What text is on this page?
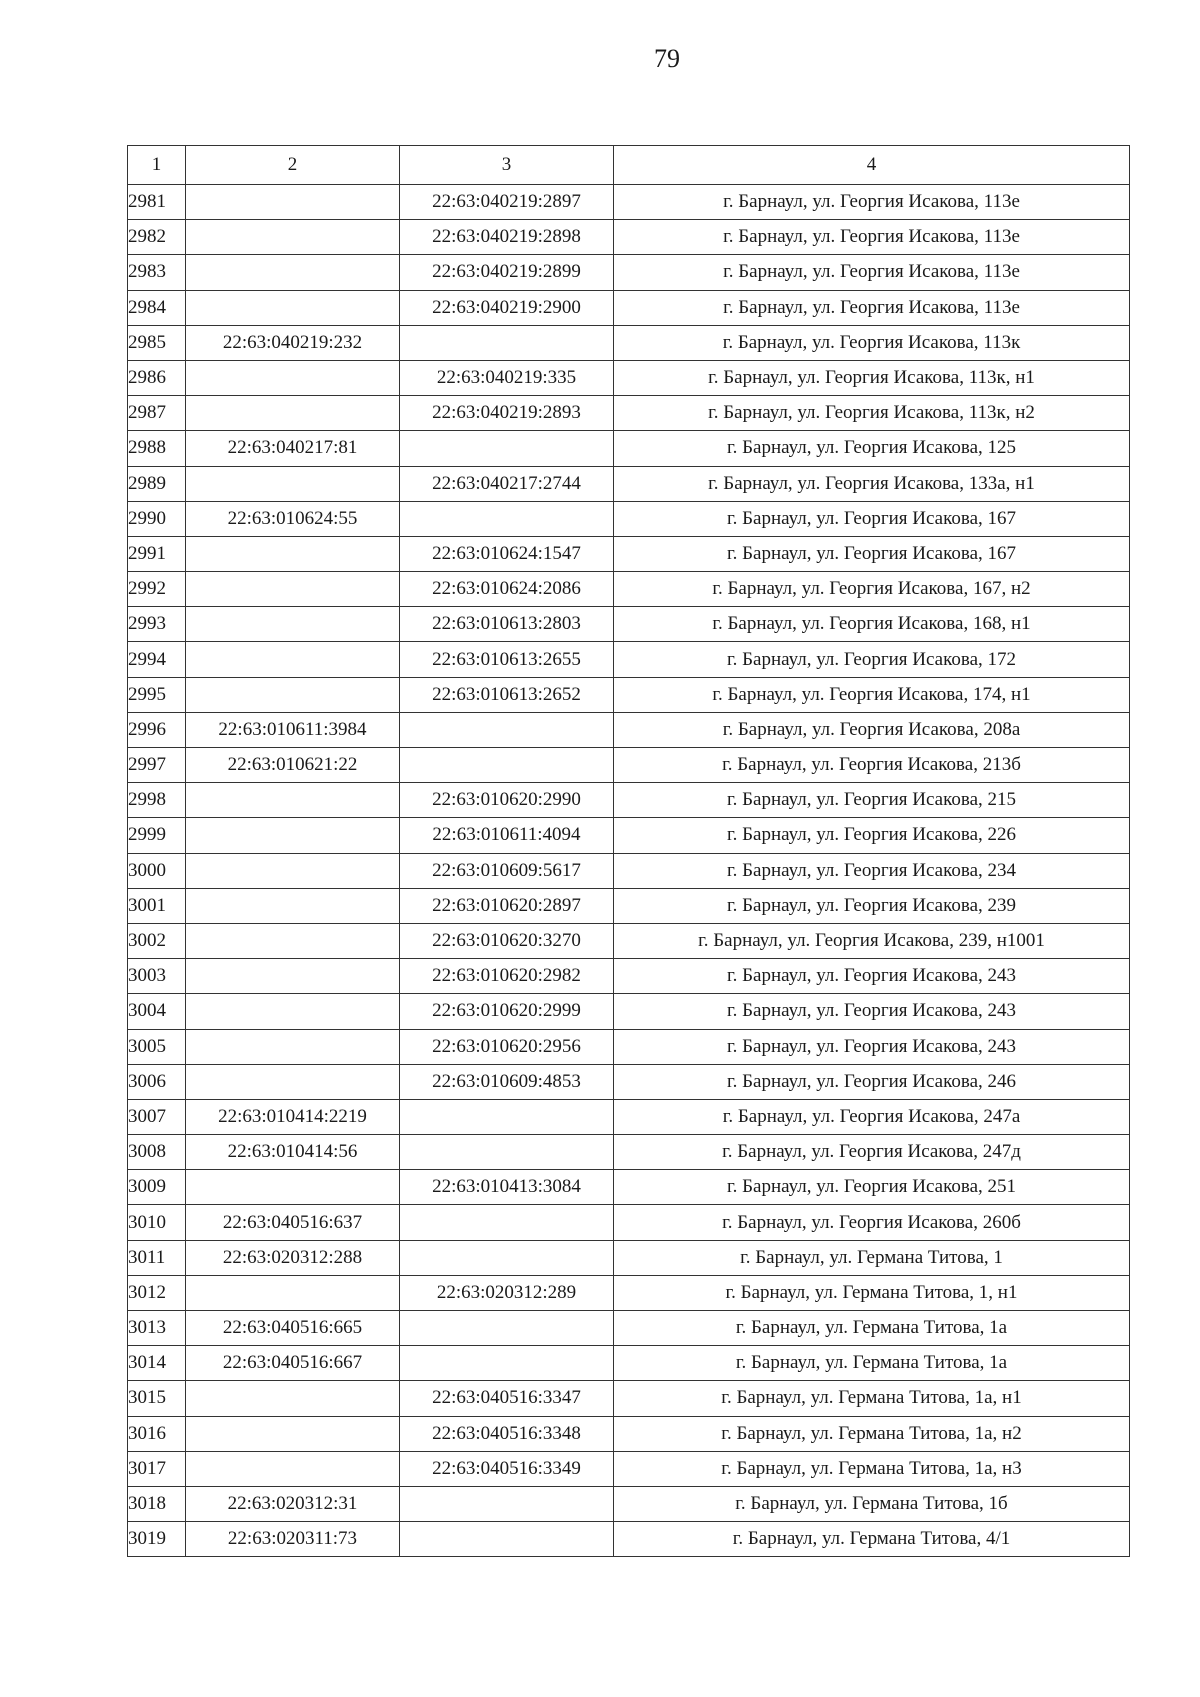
79
1	2	3	4
2981		22:63:040219:2897	г. Барнаул, ул. Георгия Исакова, 113е
2982		22:63:040219:2898	г. Барнаул, ул. Георгия Исакова, 113е
2983		22:63:040219:2899	г. Барнаул, ул. Георгия Исакова, 113е
2984		22:63:040219:2900	г. Барнаул, ул. Георгия Исакова, 113е
2985	22:63:040219:232		г. Барнаул, ул. Георгия Исакова, 113к
2986		22:63:040219:335	г. Барнаул, ул. Георгия Исакова, 113к, н1
2987		22:63:040219:2893	г. Барнаул, ул. Георгия Исакова, 113к, н2
2988	22:63:040217:81		г. Барнаул, ул. Георгия Исакова, 125
2989		22:63:040217:2744	г. Барнаул, ул. Георгия Исакова, 133а, н1
2990	22:63:010624:55		г. Барнаул, ул. Георгия Исакова, 167
2991		22:63:010624:1547	г. Барнаул, ул. Георгия Исакова, 167
2992		22:63:010624:2086	г. Барнаул, ул. Георгия Исакова, 167, н2
2993		22:63:010613:2803	г. Барнаул, ул. Георгия Исакова, 168, н1
2994		22:63:010613:2655	г. Барнаул, ул. Георгия Исакова, 172
2995		22:63:010613:2652	г. Барнаул, ул. Георгия Исакова, 174, н1
2996	22:63:010611:3984		г. Барнаул, ул. Георгия Исакова, 208а
2997	22:63:010621:22		г. Барнаул, ул. Георгия Исакова, 213б
2998		22:63:010620:2990	г. Барнаул, ул. Георгия Исакова, 215
2999		22:63:010611:4094	г. Барнаул, ул. Георгия Исакова, 226
3000		22:63:010609:5617	г. Барнаул, ул. Георгия Исакова, 234
3001		22:63:010620:2897	г. Барнаул, ул. Георгия Исакова, 239
3002		22:63:010620:3270	г. Барнаул, ул. Георгия Исакова, 239, н1001
3003		22:63:010620:2982	г. Барнаул, ул. Георгия Исакова, 243
3004		22:63:010620:2999	г. Барнаул, ул. Георгия Исакова, 243
3005		22:63:010620:2956	г. Барнаул, ул. Георгия Исакова, 243
3006		22:63:010609:4853	г. Барнаул, ул. Георгия Исакова, 246
3007	22:63:010414:2219		г. Барнаул, ул. Георгия Исакова, 247а
3008	22:63:010414:56		г. Барнаул, ул. Георгия Исакова, 247д
3009		22:63:010413:3084	г. Барнаул, ул. Георгия Исакова, 251
3010	22:63:040516:637		г. Барнаул, ул. Георгия Исакова, 260б
3011	22:63:020312:288		г. Барнаул, ул. Германа Титова, 1
3012		22:63:020312:289	г. Барнаул, ул. Германа Титова, 1, н1
3013	22:63:040516:665		г. Барнаул, ул. Германа Титова, 1а
3014	22:63:040516:667		г. Барнаул, ул. Германа Титова, 1а
3015		22:63:040516:3347	г. Барнаул, ул. Германа Титова, 1а, н1
3016		22:63:040516:3348	г. Барнаул, ул. Германа Титова, 1а, н2
3017		22:63:040516:3349	г. Барнаул, ул. Германа Титова, 1а, н3
3018	22:63:020312:31		г. Барнаул, ул. Германа Титова, 1б
3019	22:63:020311:73		г. Барнаул, ул. Германа Титова, 4/1
